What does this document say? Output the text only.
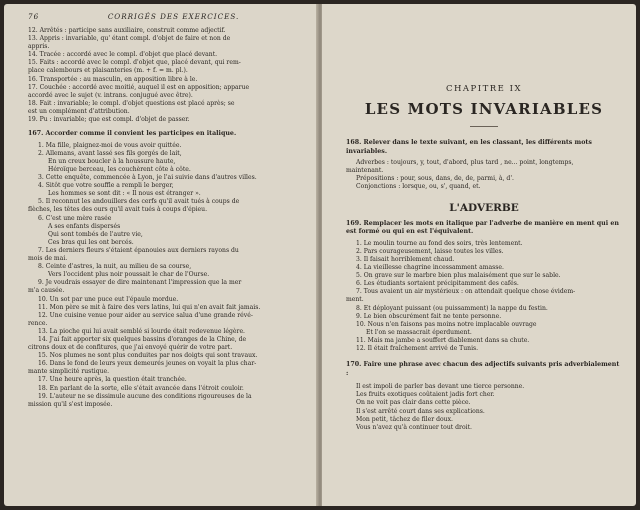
76	CORRIGÉS DES EXERCICES.
12. Arrêtés : participe sans auxiliaire, construit comme adjectif.
13. Appris : invariable, qu' étant compl. d'objet de faire et non de
appris.
14. Tracée : accordé avec le compl. d'objet que placé devant.
15. Faits : accordé avec le compl. d'objet que, placé devant, qui rem-
place calembours et plaisanteries (m. + f. = m. pl.).
16. Transportée : au masculin, en apposition libre à le.
17. Couchée : accordé avec moitié, auquel il est en apposition; apparue
accordé avec le sujet (v. intrans. conjugué avec être).
18. Fait : invariable; le compl. d'objet questions est placé après; se
est un complément d'attribution.
19. Pu : invariable; que est compl. d'objet de passer.
167. Accorder comme il convient les participes en italique.
1. Ma fille, plaignez-moi de vous avoir quittée.
2. Allemans, avant lassé ses fils gorgés de lait,
En un creux boucler à la houssure haute,
Héroïque berceau, les couchèrent côte à côte.
3. Cette enquête, commencée à Lyon, je l'ai suivie dans d'autres villes.
4. Sitôt que votre souffle a rempli le berger,
Les hommes se sont dit : « Il nous est étranger ».
5. Il reconnut les andouillers des cerfs qu'il avait tués à coups de
flèches, les têtes des ours qu'il avait tués à coups d'épieu.
6. C'est une mère rasée
A ses enfants dispersés
Qui sont tombés de l'autre vie,
Ces bras qui les ont bercés.
7. Les derniers fleurs s'étaient épanouies aux derniers rayons du
mois de mai.
8. Ceinte d'astres, la nuit, au milieu de sa course,
Vers l'occident plus noir poussait le char de l'Ourse.
9. Je voudrais essayer de dire maintenant l'impression que la mer
m'a causée.
10. Un sot par une puce eut l'épaule mordue.
11. Mon père se mit à faire des vers latins, lui qui n'en avait fait jamais.
12. Une cuisine venue pour aider au service salua d'une grande révé-
rence.
13. La pioche qui lui avait semblé si lourde était redevenue légère.
14. J'ai fait apporter six quelques bassins d'oranges de la Chine, de
citrons doux et de confitures, que j'ai envoyé quérir de votre part.
15. Nos plumes ne sont plus conduites par nos doigts qui sont travaux.
16. Dans le fond de leurs yeux demeurés jeunes on voyait la plus char-
mante simplicité rustique.
17. Une heure après, la question était tranchée.
18. En parlant de la sorte, elle s'était avancée dans l'étroit couloir.
19. L'auteur ne se dissimule aucune des conditions rigoureuses de la
mission qu'il s'est imposée.
CHAPITRE IX
LES MOTS INVARIABLES
168. Relever dans le texte suivant, en les classant, les différents mots invariables.
Adverbes : toujours, y, tout, d'abord, plus tard , ne... point, longtemps,
maintenant.
Prépositions : pour, sous, dans, de, de, parmi, à, d'.
Conjonctions : lorsque, ou, s', quand, et.
L'ADVERBE
169. Remplacer les mots en italique par l'adverbe de manière en ment qui en est formé ou qui en est l'équivalent.
1. Le moulin tourne au fond des soirs, très lentement.
2. Pars courageusement, laisse toutes les villes.
3. Il faisait horriblement chaud.
4. La vieillesse chagrine incessamment amasse.
5. On grave sur le marbre bien plus malaisément que sur le sable.
6. Les étudiants sortaient précipitamment des cafés.
7. Tous avaient un air mystérieux : on attendait quelque chose évidem-
ment.
8. Et déployant puissant (ou puissamment) la nappe du festin.
9. Le bien obscurément fait ne tente personne.
10. Nous n'en faisons pas moins notre implacable ouvrage
Et l'on se massacrait éperdument.
11. Mais ma jambe a souffert diablement dans sa chute.
12. Il était fraîchement arrivé de Tunis.
170. Faire une phrase avec chacun des adjectifs suivants pris adverbialement :
Il est impoli de parler bas devant une tierce personne.
Les fruits exotiques coûtaient jadis fort cher.
On ne voit pas clair dans cette pièce.
Il s'est arrêté court dans ses explications.
Mon petit, tâchez de filer doux.
Vous n'avez qu'à continuer tout droit.
